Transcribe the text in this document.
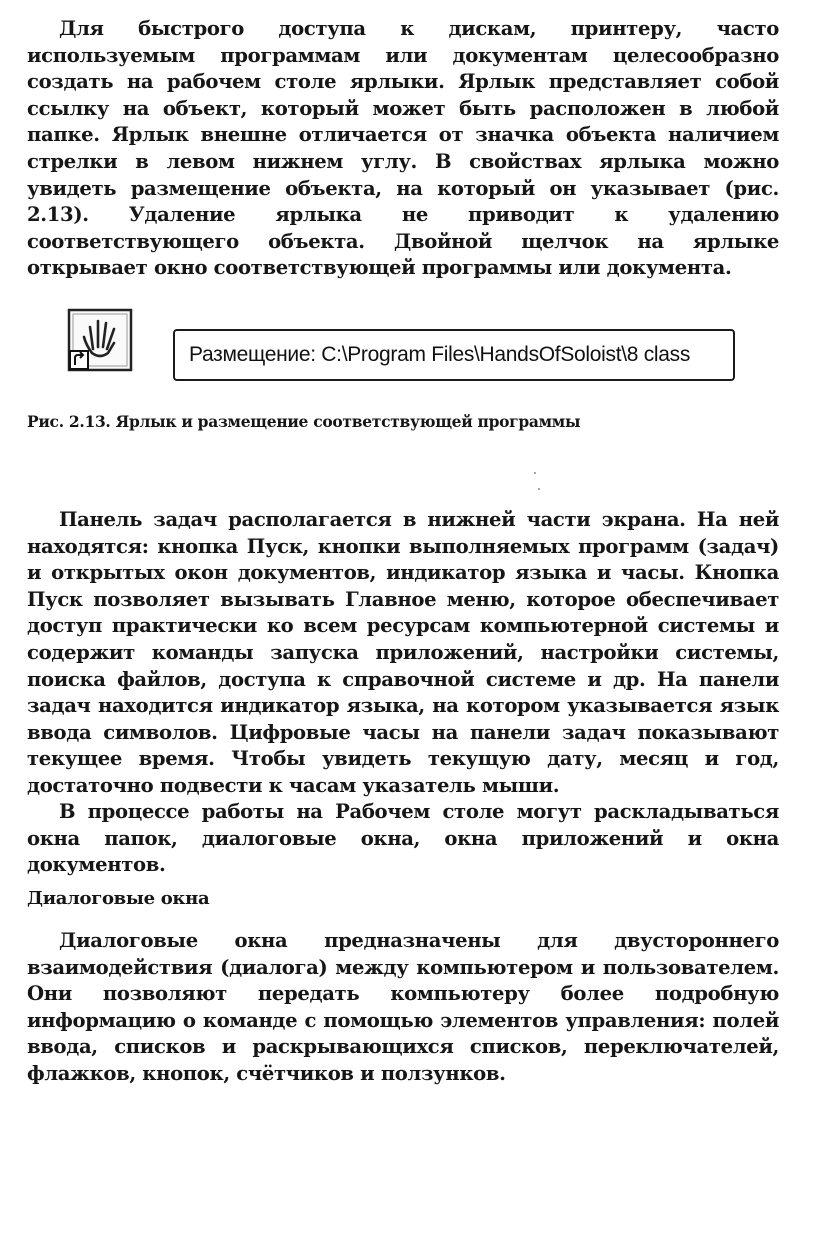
Для быстрого доступа к дискам, принтеру, часто используемым программам или документам целесообразно создать на рабочем столе ярлыки. Ярлык представляет собой ссылку на объект, который может быть расположен в любой папке. Ярлык внешне отличается от значка объекта наличием стрелки в левом нижнем углу. В свойствах ярлыка можно увидеть размещение объекта, на который он указывает (рис. 2.13). Удаление ярлыка не приводит к удалению соответствующего объекта. Двойной щелчок на ярлыке открывает окно соответствующей программы или документа.

Размещение: C:\Program Files\HandsOfSoloist\8 class

Рис. 2.13. Ярлык и размещение соответствующей программы

Панель задач располагается в нижней части экрана. На ней находятся: кнопка Пуск, кнопки выполняемых программ (задач) и открытых окон документов, индикатор языка и часы. Кнопка Пуск позволяет вызывать Главное меню, которое обеспечивает доступ практически ко всем ресурсам компьютерной системы и содержит команды запуска приложений, настройки системы, поиска файлов, доступа к справочной системе и др. На панели задач находится индикатор языка, на котором указывается язык ввода символов. Цифровые часы на панели задач показывают текущее время. Чтобы увидеть текущую дату, месяц и год, достаточно подвести к часам указатель мыши.

В процессе работы на Рабочем столе могут раскладываться окна папок, диалоговые окна, окна приложений и окна документов.

Диалоговые окна

Диалоговые окна предназначены для двустороннего взаимодействия (диалога) между компьютером и пользователем. Они позволяют передать компьютеру более подробную информацию о команде с помощью элементов управления: полей ввода, списков и раскрывающихся списков, переключателей, флажков, кнопок, счётчиков и ползунков.
